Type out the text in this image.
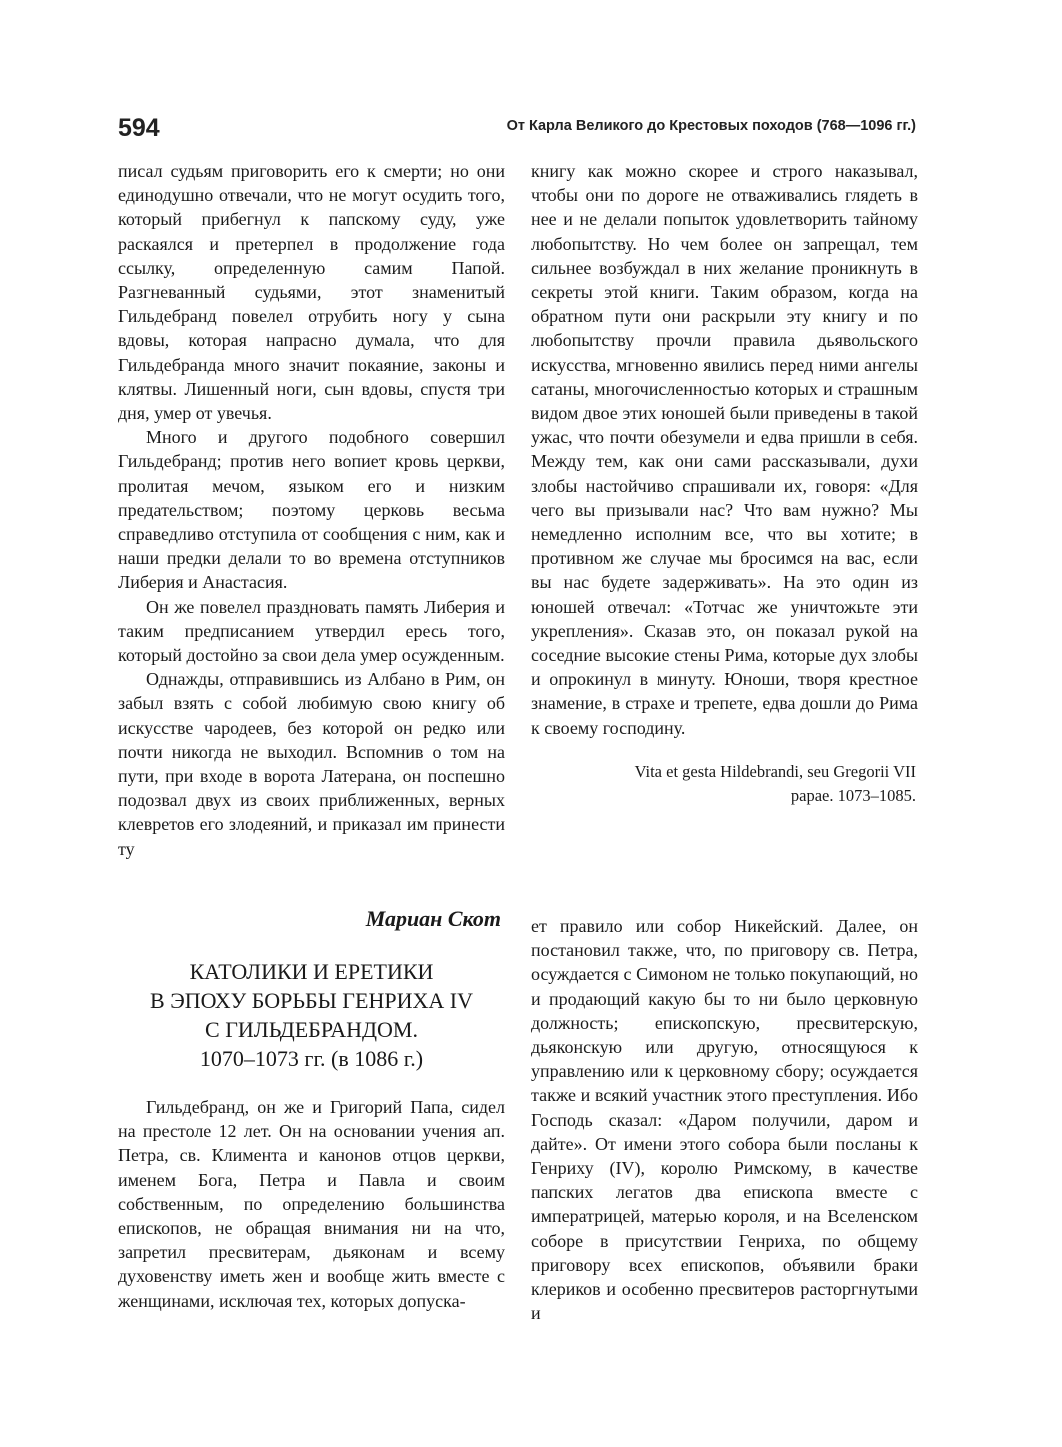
594	От Карла Великого до Крестовых походов (768—1096 гг.)

писал судьям приговорить его к смерти; но они единодушно отвечали, что не могут осудить того, который прибегнул к папскому суду, уже раскаялся и претерпел в продолжение года ссылку, определенную самим Папой. Разгневанный судьями, этот знаменитый Гильдебранд повелел отрубить ногу у сына вдовы, которая напрасно думала, что для Гильдебранда много значит покаяние, законы и клятвы. Лишенный ноги, сын вдовы, спустя три дня, умер от увечья.

Много и другого подобного совершил Гильдебранд; против него вопиет кровь церкви, пролитая мечом, языком его и низким предательством; поэтому церковь весьма справедливо отступила от сообщения с ним, как и наши предки делали то во времена отступников Либерия и Анастасия.

Он же повелел праздновать память Либерия и таким предписанием утвердил ересь того, который достойно за свои дела умер осужденным.

Однажды, отправившись из Албано в Рим, он забыл взять с собой любимую свою книгу об искусстве чародеев, без которой он редко или почти никогда не выходил. Вспомнив о том на пути, при входе в ворота Латерана, он поспешно подозвал двух из своих приближенных, верных клевретов его злодеяний, и приказал им принести ту

книгу как можно скорее и строго наказывал, чтобы они по дороге не отваживались глядеть в нее и не делали попыток удовлетворить тайному любопытству. Но чем более он запрещал, тем сильнее возбуждал в них желание проникнуть в секреты этой книги. Таким образом, когда на обратном пути они раскрыли эту книгу и по любопытству прочли правила дьявольского искусства, мгновенно явились перед ними ангелы сатаны, многочисленностью которых и страшным видом двое этих юношей были приведены в такой ужас, что почти обезумели и едва пришли в себя. Между тем, как они сами рассказывали, духи злобы настойчиво спрашивали их, говоря: «Для чего вы призывали нас? Что вам нужно? Мы немедленно исполним все, что вы хотите; в противном же случае мы бросимся на вас, если вы нас будете задерживать». На это один из юношей отвечал: «Тотчас же уничтожьте эти укрепления». Сказав это, он показал рукой на соседние высокие стены Рима, которые дух злобы и опрокинул в минуту. Юноши, творя крестное знамение, в страхе и трепете, едва дошли до Рима к своему господину.

Vita et gesta Hildebrandi, seu Gregorii VII
papae. 1073–1085.
Мариан Скот
КАТОЛИКИ И ЕРЕТИКИ
В ЭПОХУ БОРЬБЫ ГЕНРИХА IV
С ГИЛЬДЕБРАНДОМ.
1070–1073 гг. (в 1086 г.)

Гильдебранд, он же и Григорий Папа, сидел на престоле 12 лет. Он на основании учения ап. Петра, св. Климента и канонов отцов церкви, именем Бога, Петра и Павла и своим собственным, по определению большинства епископов, не обращая внимания ни на что, запретил пресвитерам, дьяконам и всему духовенству иметь жен и вообще жить вместе с женщинами, исключая тех, которых допуска-

ет правило или собор Никейский. Далее, он постановил также, что, по приговору св. Петра, осуждается с Симоном не только покупающий, но и продающий какую бы то ни было церковную должность; епископскую, пресвитерскую, дьяконскую или другую, относящуюся к управлению или к церковному сбору; осуждается также и всякий участник этого преступления. Ибо Господь сказал: «Даром получили, даром и дайте». От имени этого собора были посланы к Генриху (IV), королю Римскому, в качестве папских легатов два епископа вместе с императрицей, матерью короля, и на Вселенском соборе в присутствии Генриха, по общему приговору всех епископов, объявили браки клериков и особенно пресвитеров расторгнутыми и
